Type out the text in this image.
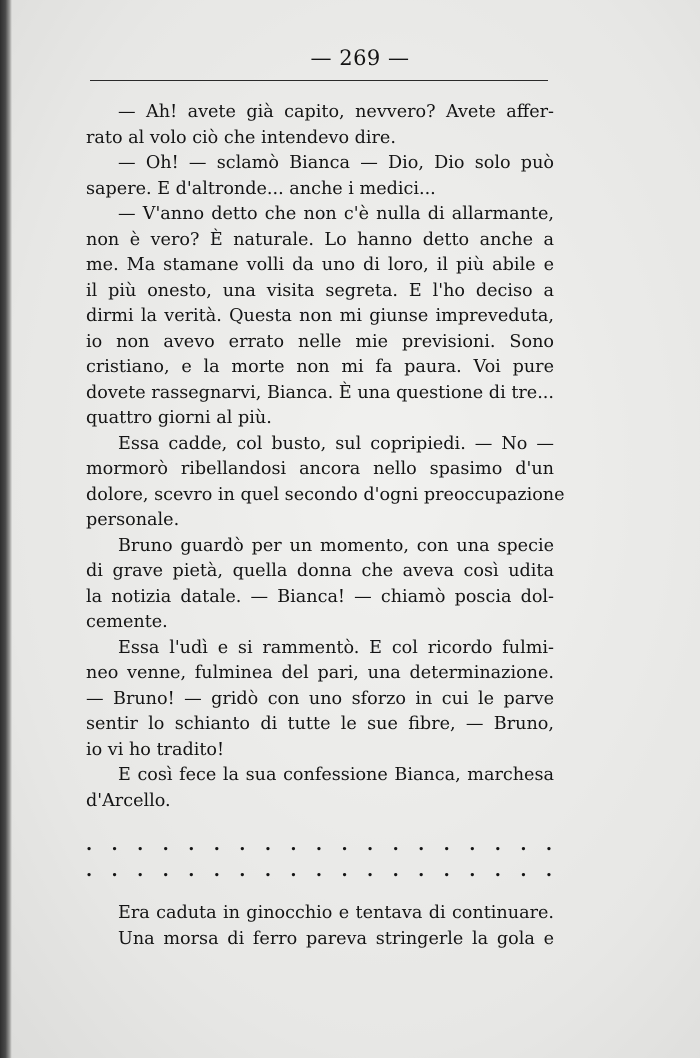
— 269 —
— Ah! avete già capito, nevvero? Avete affer-
rato al volo ciò che intendevo dire.
— Oh! — sclamò Bianca — Dio, Dio solo può
sapere. E d'altronde... anche i medici...
— V'anno detto che non c'è nulla di allarmante,
non è vero? È naturale. Lo hanno detto anche a
me. Ma stamane volli da uno di loro, il più abile e
il più onesto, una visita segreta. E l'ho deciso a
dirmi la verità. Questa non mi giunse impreveduta,
io non avevo errato nelle mie previsioni. Sono
cristiano, e la morte non mi fa paura. Voi pure
dovete rassegnarvi, Bianca. È una questione di tre...
quattro giorni al più.
Essa cadde, col busto, sul copripiedi. — No —
mormorò ribellandosi ancora nello spasimo d'un
dolore, scevro in quel secondo d'ogni preoccupazione
personale.
Bruno guardò per un momento, con una specie
di grave pietà, quella donna che aveva così udita
la notizia datale. — Bianca! — chiamò poscia dol-
cemente.
Essa l'udì e si rammentò. E col ricordo fulmi-
neo venne, fulminea del pari, una determinazione.
— Bruno! — gridò con uno sforzo in cui le parve
sentir lo schianto di tutte le sue fibre, — Bruno,
io vi ho tradito!
E così fece la sua confessione Bianca, marchesa
d'Arcello.
. . . . . . . . . . . . . . . . . . .
. . . . . . . . . . . . . . . . . . .
Era caduta in ginocchio e tentava di continuare.
Una morsa di ferro pareva stringerle la gola e
